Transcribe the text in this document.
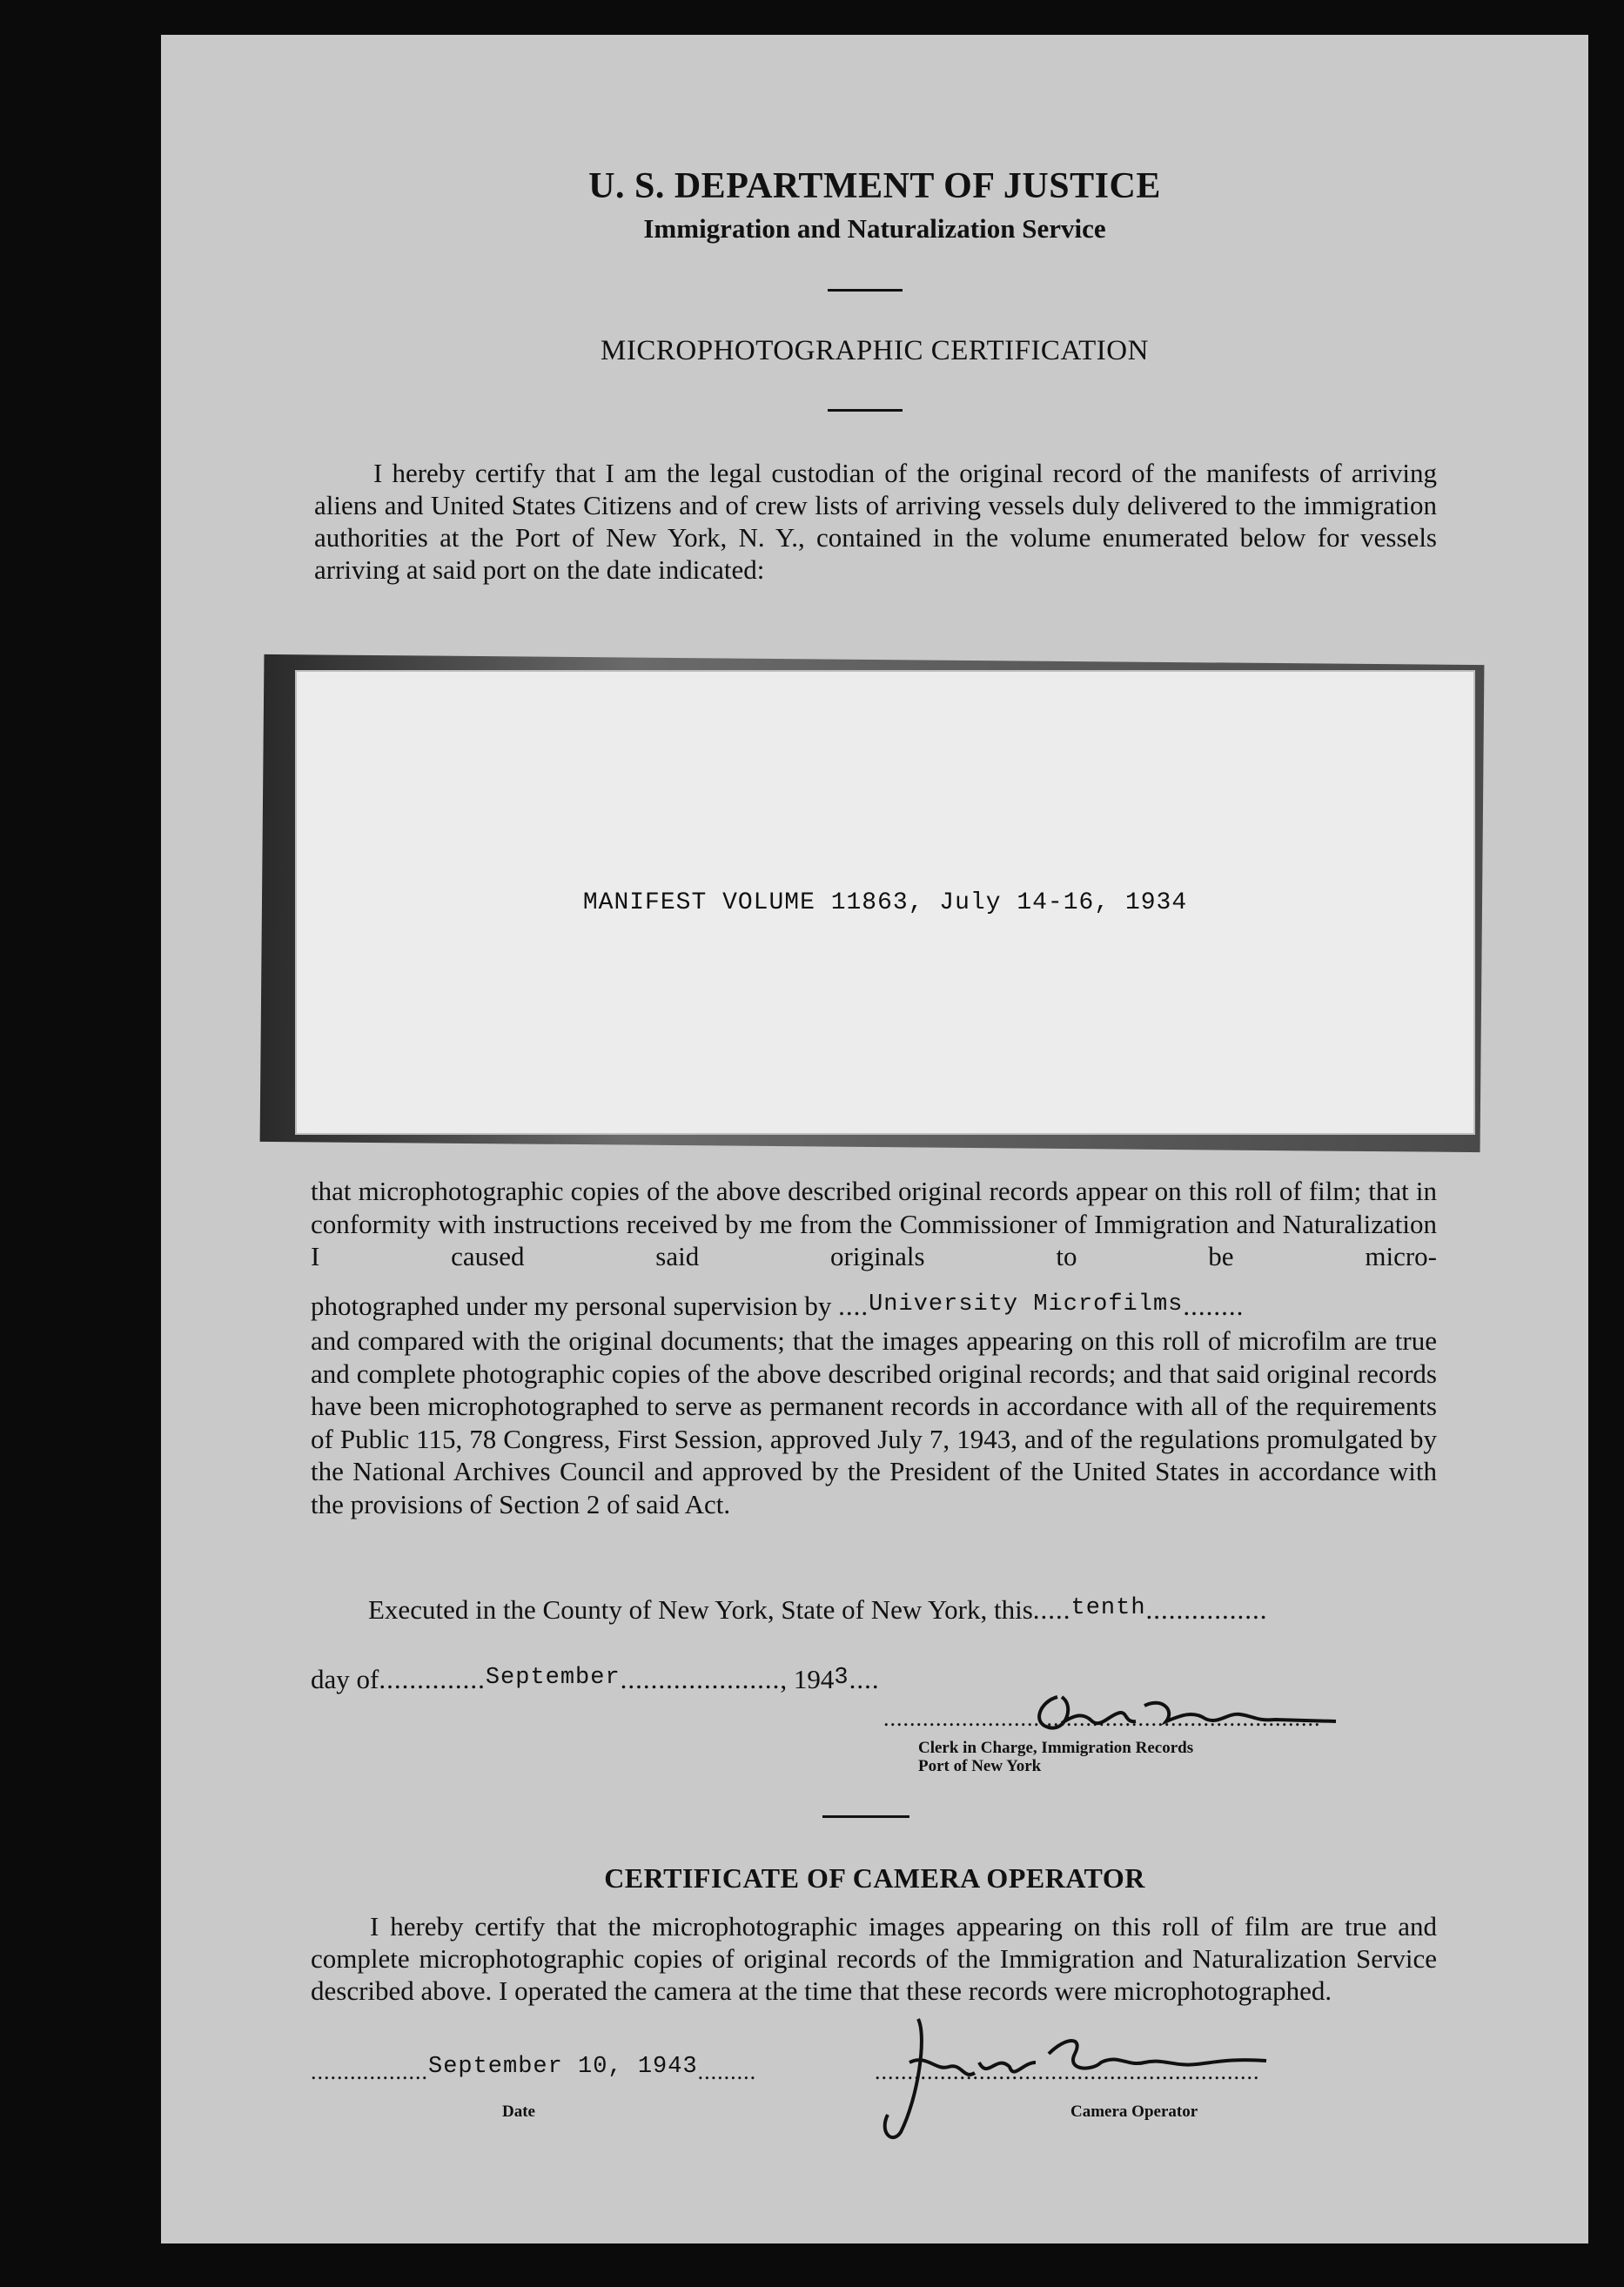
U. S. DEPARTMENT OF JUSTICE
Immigration and Naturalization Service
MICROPHOTOGRAPHIC CERTIFICATION

I hereby certify that I am the legal custodian of the original record of the manifests of arriving aliens and United States Citizens and of crew lists of arriving vessels duly delivered to the immigration authorities at the Port of New York, N. Y., contained in the volume enumerated below for vessels arriving at said port on the date indicated:

MANIFEST VOLUME 11863, July 14-16, 1934
that microphotographic copies of the above described original records appear on this roll of film; that in conformity with instructions received by me from the Commissioner of Immigration and Naturalization I caused said originals to be micro-
photographed under my personal supervision by ....University Microfilms........
and compared with the original documents; that the images appearing on this roll of microfilm are true and complete photographic copies of the above described original records; and that said original records have been microphotographed to serve as permanent records in accordance with all of the requirements of Public 115, 78 Congress, First Session, approved July 7, 1943, and of the regulations promulgated by the National Archives Council and approved by the President of the United States in accordance with the provisions of Section 2 of said Act.
Executed in the County of New York, State of New York, this.....tenth................
day of..............September....................., 1943....
...................................................................
Clerk in Charge, Immigration Records
Port of New York
CERTIFICATE OF CAMERA OPERATOR

I hereby certify that the microphotographic images appearing on this roll of film are true and complete microphotographic copies of original records of the Immigration and Naturalization Service described above. I operated the camera at the time that these records were microphotographed.

..................September 10, 1943.........
Date
...........................................................
Camera Operator
